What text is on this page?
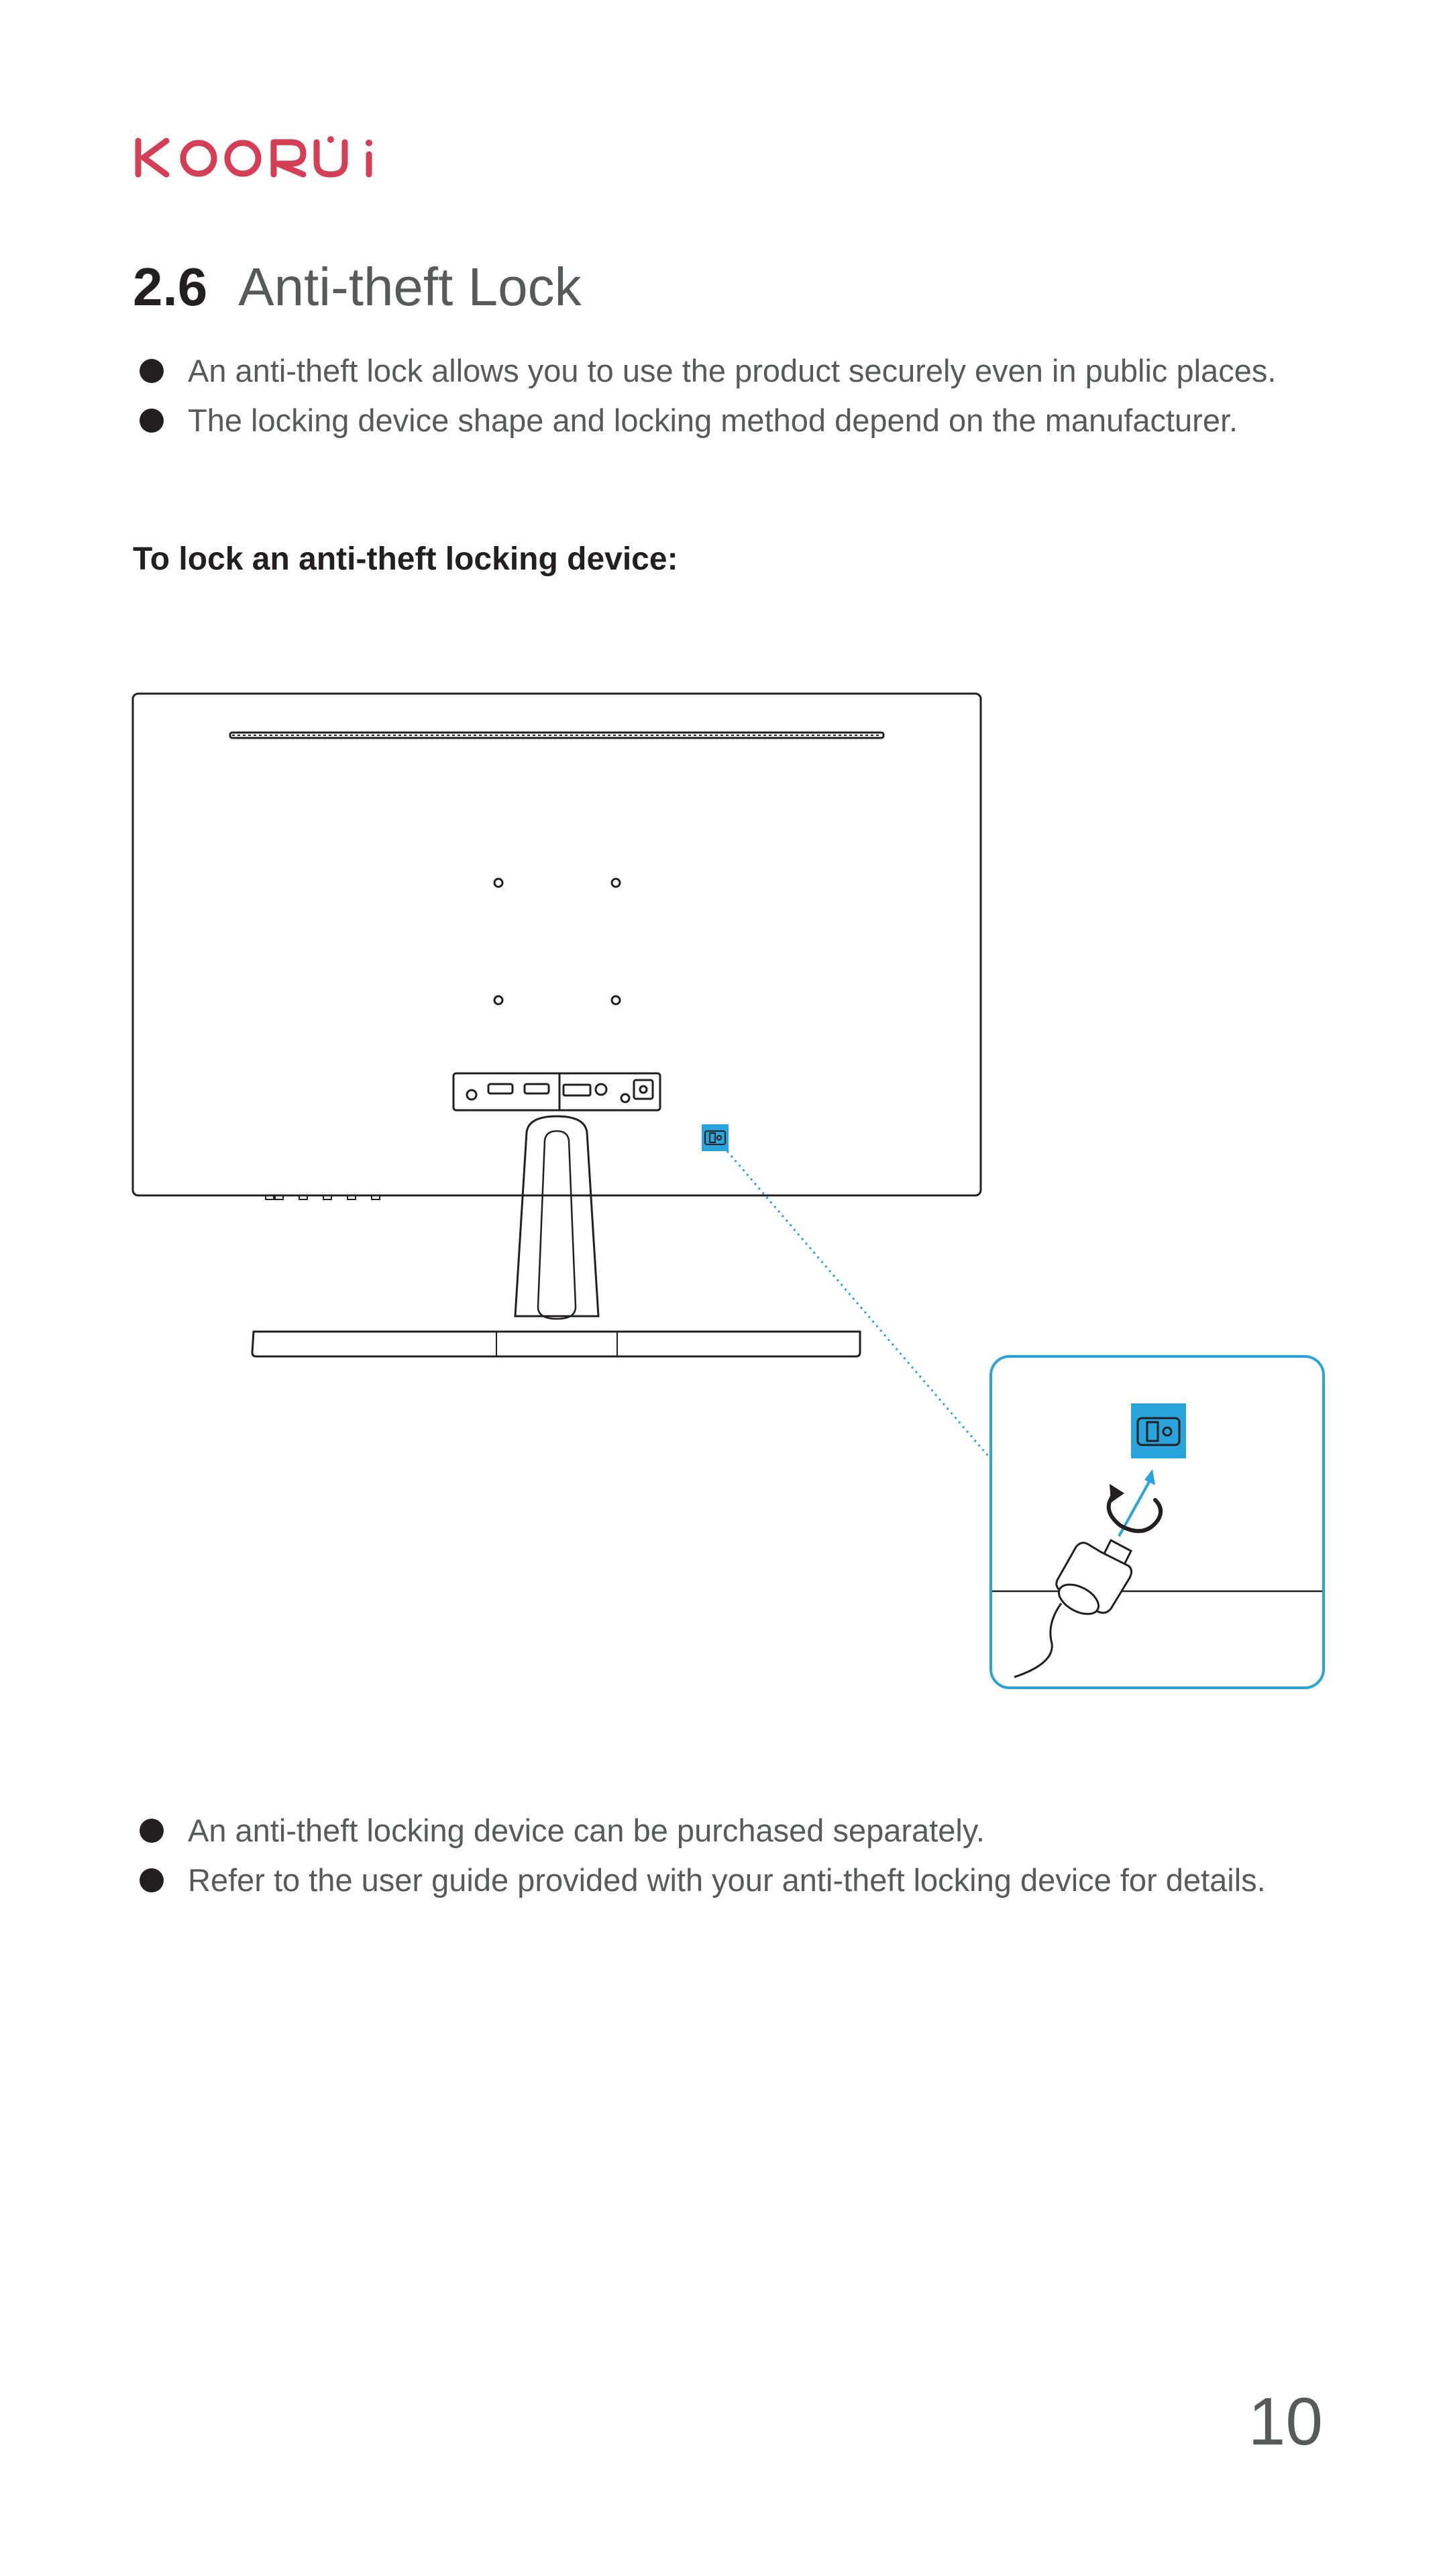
2.6 Anti-theft Lock
An anti-theft lock allows you to use the product securely even in public places.
The locking device shape and locking method depend on the manufacturer.
To lock an anti-theft locking device:
An anti-theft locking device can be purchased separately.
Refer to the user guide provided with your anti-theft locking device for details.
10
